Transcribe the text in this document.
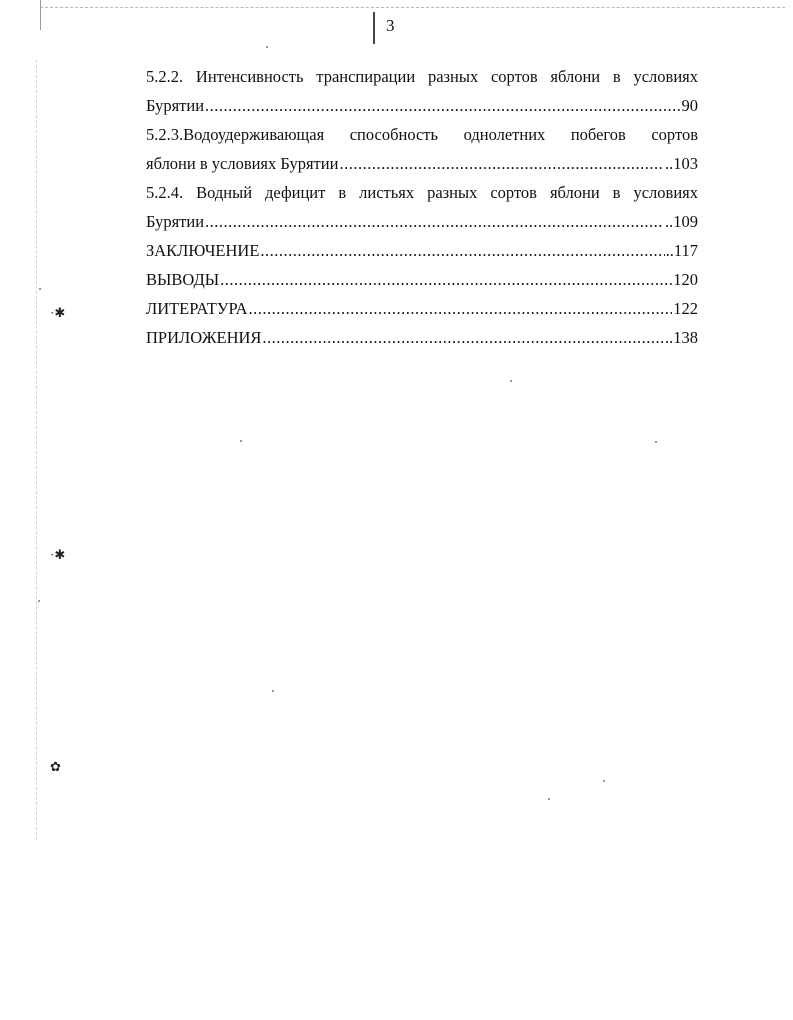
3
5.2.2. Интенсивность транспирации разных сортов яблони в условиях
Бурятии .....	90
5.2.3.Водоудерживающая способность однолетних побегов сортов
яблони в условиях Бурятии .....	..103
5.2.4. Водный дефицит в листьях разных сортов яблони в условиях
Бурятии .....	..109
ЗАКЛЮЧЕНИЕ .....	..117
ВЫВОДЫ .....	120
ЛИТЕРАТУРА .....	122
ПРИЛОЖЕНИЯ .....	..138
·✱
·✱
✿
